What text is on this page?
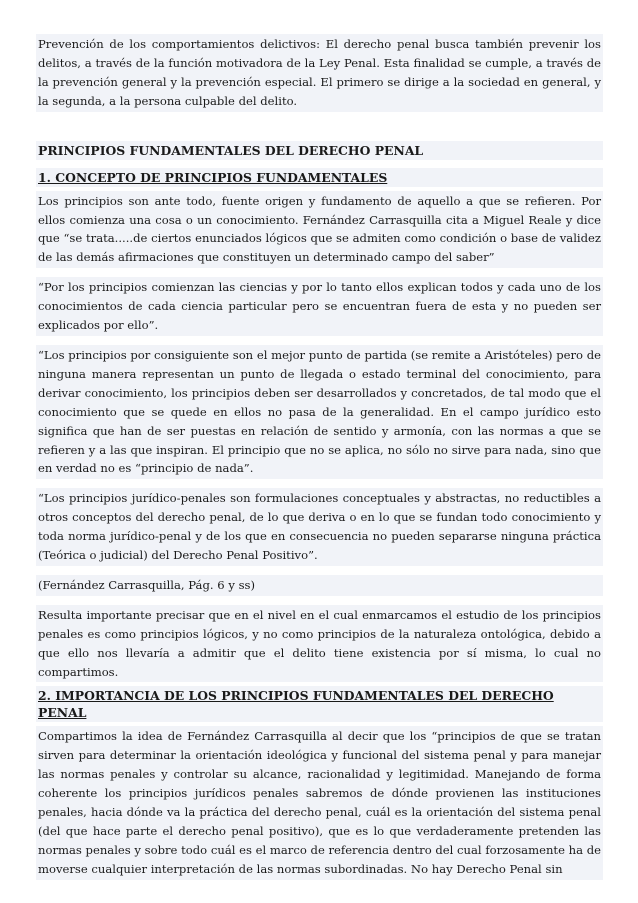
Prevención de los comportamientos delictivos: El derecho penal busca también prevenir los delitos, a través de la función motivadora de la Ley Penal. Esta finalidad se cumple, a través de la prevención general y la prevención especial. El primero se dirige a la sociedad en general, y la segunda, a la persona culpable del delito.

PRINCIPIOS FUNDAMENTALES DEL DERECHO PENAL
1. CONCEPTO DE PRINCIPIOS FUNDAMENTALES

Los principios son ante todo, fuente origen y fundamento de aquello a que se refieren. Por ellos comienza una cosa o un conocimiento. Fernández Carrasquilla cita a Miguel Reale y dice que “se trata.....de ciertos enunciados lógicos que se admiten como condición o base de validez de las demás afirmaciones que constituyen un determinado campo del saber”

“Por los principios comienzan las ciencias y por lo tanto ellos explican todos y cada uno de los conocimientos de cada ciencia particular pero se encuentran fuera de esta y no pueden ser explicados por ello”.

“Los principios por consiguiente son el mejor punto de partida (se remite a Aristóteles) pero de ninguna manera representan un punto de llegada o estado terminal del conocimiento, para derivar conocimiento, los principios deben ser desarrollados y concretados, de tal modo que el conocimiento que se quede en ellos no pasa de la generalidad. En el campo jurídico esto significa que han de ser puestas en relación de sentido y armonía, con las normas a que se refieren y a las que inspiran. El principio que no se aplica, no sólo no sirve para nada, sino que en verdad no es “principio de nada”.

“Los principios jurídico-penales son formulaciones conceptuales y abstractas, no reductibles a otros conceptos del derecho penal, de lo que deriva o en lo que se fundan todo conocimiento y toda norma jurídico-penal y de los que en consecuencia no pueden separarse ninguna práctica (Teórica o judicial) del Derecho Penal Positivo”.

(Fernández Carrasquilla, Pág. 6 y ss)

Resulta importante precisar que en el nivel en el cual enmarcamos el estudio de los principios penales es como principios lógicos, y no como principios de la naturaleza ontológica, debido a que ello nos llevaría a admitir que el delito tiene existencia por sí misma, lo cual no compartimos.

2. IMPORTANCIA DE LOS PRINCIPIOS FUNDAMENTALES DEL DERECHO PENAL

Compartimos la idea de Fernández Carrasquilla al decir que los “principios de que se tratan sirven para determinar la orientación ideológica y funcional del sistema penal y para manejar las normas penales y controlar su alcance, racionalidad y legitimidad. Manejando de forma coherente los principios jurídicos penales sabremos de dónde provienen las instituciones penales, hacia dónde va la práctica del derecho penal, cuál es la orientación del sistema penal (del que hace parte el derecho penal positivo), que es lo que verdaderamente pretenden las normas penales y sobre todo cuál es el marco de referencia dentro del cual forzosamente ha de moverse cualquier interpretación de las normas subordinadas. No hay Derecho Penal sin
